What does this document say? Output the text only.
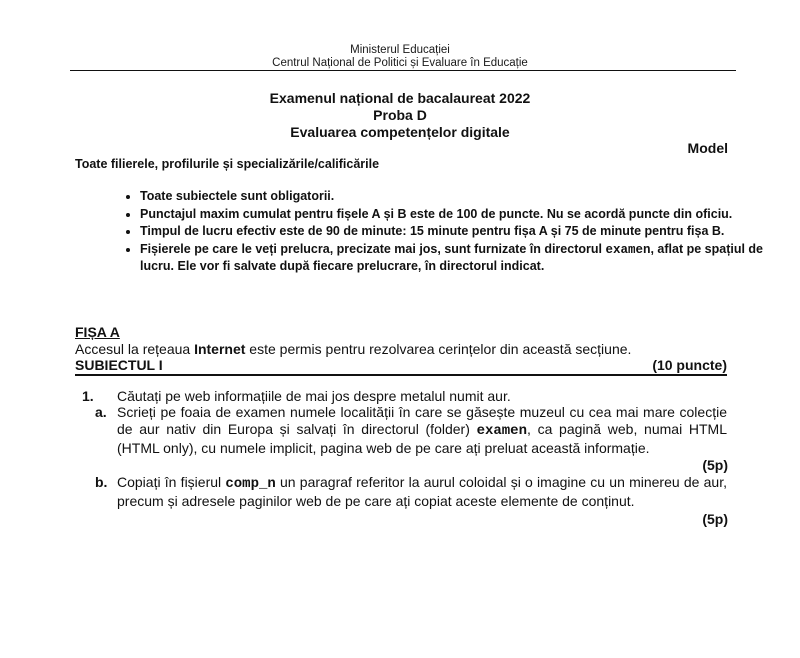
Ministerul Educației
Centrul Național de Politici și Evaluare în Educație
Examenul național de bacalaureat 2022
Proba D
Evaluarea competențelor digitale
Model
Toate filierele, profilurile și specializările/calificările
• Toate subiectele sunt obligatorii.
• Punctajul maxim cumulat pentru fișele A și B este de 100 de puncte. Nu se acordă puncte din oficiu.
• Timpul de lucru efectiv este de 90 de minute: 15 minute pentru fișa A și 75 de minute pentru fișa B.
• Fișierele pe care le veți prelucra, precizate mai jos, sunt furnizate în directorul examen, aflat pe spațiul de lucru. Ele vor fi salvate după fiecare prelucrare, în directorul indicat.
FIȘA A
Accesul la rețeaua Internet este permis pentru rezolvarea cerințelor din această secțiune.
SUBIECTUL I	(10 puncte)
1.	Căutați pe web informațiile de mai jos despre metalul numit aur.
a. Scrieți pe foaia de examen numele localității în care se găsește muzeul cu cea mai mare colecție de aur nativ din Europa și salvați în directorul (folder) examen, ca pagină web, numai HTML (HTML only), cu numele implicit, pagina web de pe care ați preluat această informație.
(5p)
b. Copiați în fișierul comp_n un paragraf referitor la aurul coloidal și o imagine cu un minereu de aur, precum și adresele paginilor web de pe care ați copiat aceste elemente de conținut.
(5p)
